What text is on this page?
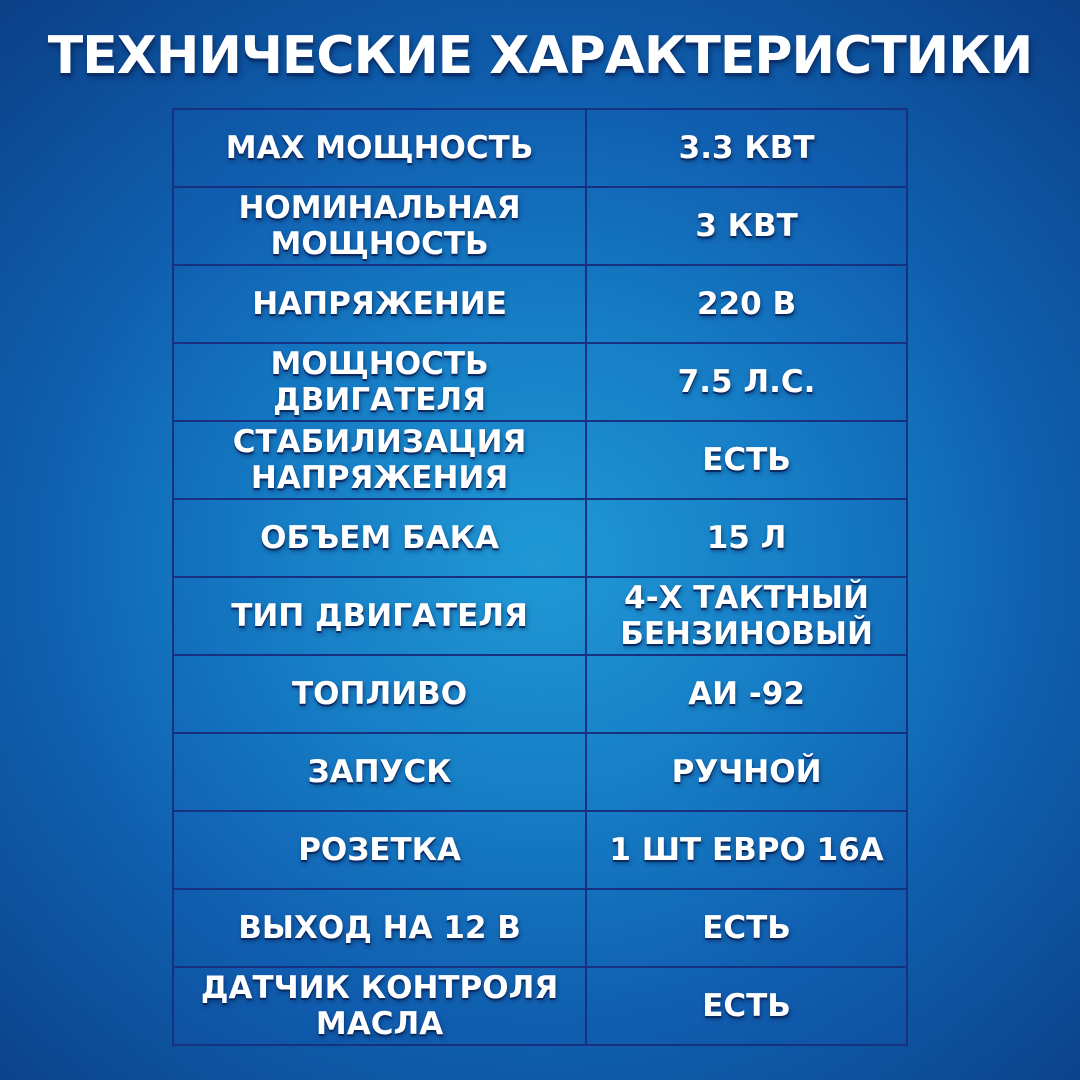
ТЕХНИЧЕСКИЕ ХАРАКТЕРИСТИКИ
MAX МОЩНОСТЬ	3.3 КВТ
НОМИНАЛЬНАЯ МОЩНОСТЬ	3 КВТ
НАПРЯЖЕНИЕ	220 В
МОЩНОСТЬ ДВИГАТЕЛЯ	7.5 Л.С.
СТАБИЛИЗАЦИЯ НАПРЯЖЕНИЯ	ЕСТЬ
ОБЪЕМ БАКА	15 Л
ТИП ДВИГАТЕЛЯ	4-Х ТАКТНЫЙ БЕНЗИНОВЫЙ
ТОПЛИВО	АИ -92
ЗАПУСК	РУЧНОЙ
РОЗЕТКА	1 ШТ ЕВРО 16А
ВЫХОД НА 12 В	ЕСТЬ
ДАТЧИК КОНТРОЛЯ МАСЛА	ЕСТЬ
